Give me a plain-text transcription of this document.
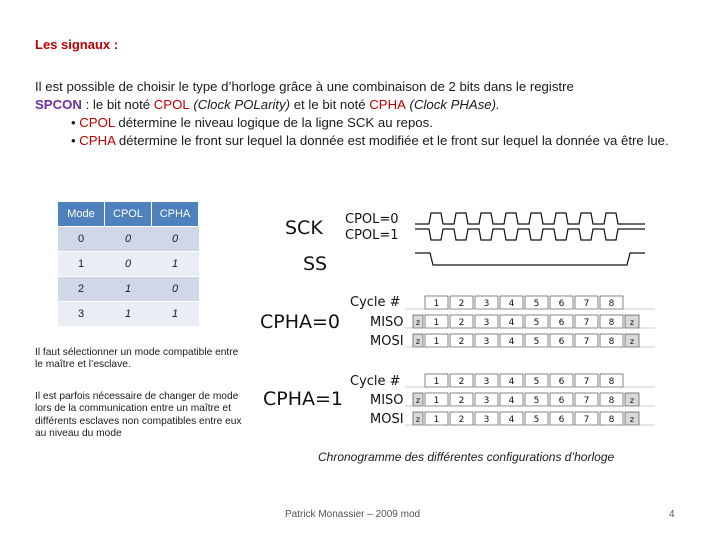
Les signaux :
Il est possible de choisir le type d’horloge grâce à une combinaison de 2 bits dans le registre
SPCON : le bit noté CPOL (Clock POLarity) et le bit noté CPHA (Clock PHAse).
• CPOL détermine le niveau logique de la ligne SCK au repos.
• CPHA détermine le front sur lequel la donnée est modifiée et le front sur lequel la donnée va être lue.
Mode	CPOL	CPHA
0	0	0
1	0	1
2	1	0
3	1	1
Il faut sélectionner un mode compatible entre le maître et l’esclave.
Il est parfois nécessaire de changer de mode lors de la communication entre un maître et différents esclaves non compatibles entre eux au niveau du mode
SCK CPOL=0
CPOL=1
SS
CPHA=0
Cycle #
MISO
MOSI
CPHA=1
Cycle #
MISO
MOSI
1 2 3 4 5 6 7 8
z 1 2 3 4 5 6 7 8 z
z 1 2 3 4 5 6 7 8 z
1 2 3 4 5 6 7 8
z 1 2 3 4 5 6 7 8 z
z 1 2 3 4 5 6 7 8 z
Chronogramme des différentes configurations d’horloge
Patrick Monassier – 2009 mod	4
